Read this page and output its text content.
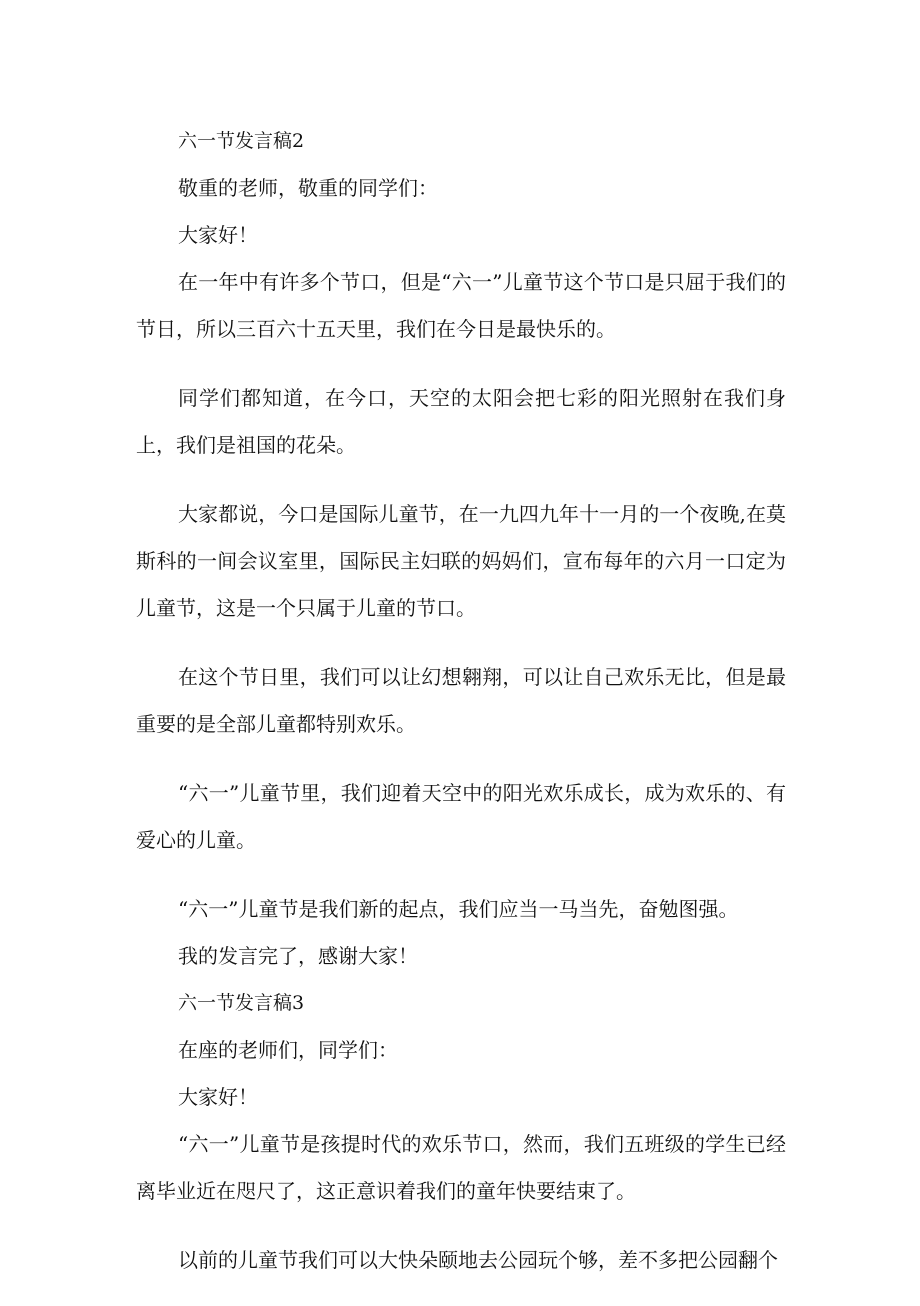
六一节发言稿2

敬重的老师，敬重的同学们：

大家好！

在一年中有许多个节口，但是“六一”儿童节这个节口是只屈于我们的节日，所以三百六十五天里，我们在今日是最快乐的。

同学们都知道，在今口，天空的太阳会把七彩的阳光照射在我们身上，我们是祖国的花朵。

大家都说，今口是国际儿童节，在一九四九年十一月的一个夜晚,在莫斯科的一间会议室里，国际民主妇联的妈妈们，宣布每年的六月一口定为儿童节，这是一个只属于儿童的节口。

在这个节日里，我们可以让幻想翱翔，可以让自己欢乐无比，但是最重要的是全部儿童都特别欢乐。

“六一”儿童节里，我们迎着天空中的阳光欢乐成长，成为欢乐的、有爱心的儿童。

“六一”儿童节是我们新的起点，我们应当一马当先，奋勉图强。

我的发言完了，感谢大家！

六一节发言稿3

在座的老师们，同学们：

大家好！

“六一”儿童节是孩提时代的欢乐节口，然而，我们五班级的学生已经离毕业近在咫尺了，这正意识着我们的童年快要结束了。

以前的儿童节我们可以大快朵颐地去公园玩个够，差不多把公园翻个
